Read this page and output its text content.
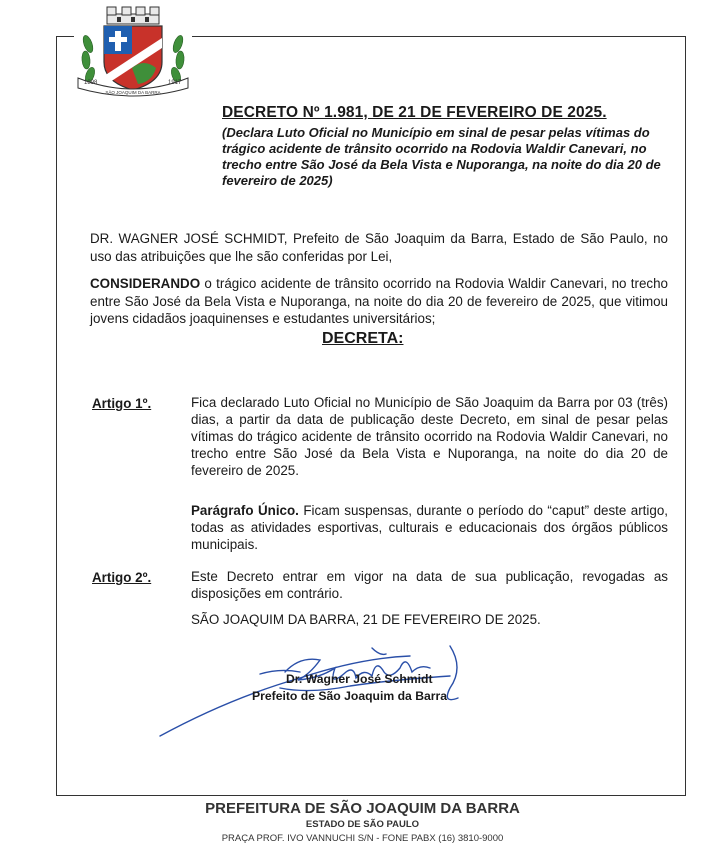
1898	1917
SÃO JOAQUIM DA BARRA
DECRETO Nº 1.981, DE 21 DE FEVEREIRO DE 2025.
(Declara Luto Oficial no Município em sinal de pesar pelas vítimas do trágico acidente de trânsito ocorrido na Rodovia Waldir Canevari, no trecho entre São José da Bela Vista e Nuporanga, na noite do dia 20 de fevereiro de 2025)
DR. WAGNER JOSÉ SCHMIDT, Prefeito de São Joaquim da Barra, Estado de São Paulo, no uso das atribuições que lhe são conferidas por Lei,
CONSIDERANDO o trágico acidente de trânsito ocorrido na Rodovia Waldir Canevari, no trecho entre São José da Bela Vista e Nuporanga, na noite do dia 20 de fevereiro de 2025, que vitimou jovens cidadãos joaquinenses e estudantes universitários;
DECRETA:
Artigo 1º.	Fica declarado Luto Oficial no Município de São Joaquim da Barra por 03 (três) dias, a partir da data de publicação deste Decreto, em sinal de pesar pelas vítimas do trágico acidente de trânsito ocorrido na Rodovia Waldir Canevari, no trecho entre São José da Bela Vista e Nuporanga, na noite do dia 20 de fevereiro de 2025.
Parágrafo Único. Ficam suspensas, durante o período do “caput” deste artigo, todas as atividades esportivas, culturais e educacionais dos órgãos públicos municipais.
Artigo 2º.	Este Decreto entrar em vigor na data de sua publicação, revogadas as disposições em contrário.
SÃO JOAQUIM DA BARRA, 21 DE FEVEREIRO DE 2025.
Dr. Wagner José Schmidt
Prefeito de São Joaquim da Barra
PREFEITURA DE SÃO JOAQUIM DA BARRA
ESTADO DE SÃO PAULO
PRAÇA PROF. IVO VANNUCHI S/N - FONE PABX (16) 3810-9000
